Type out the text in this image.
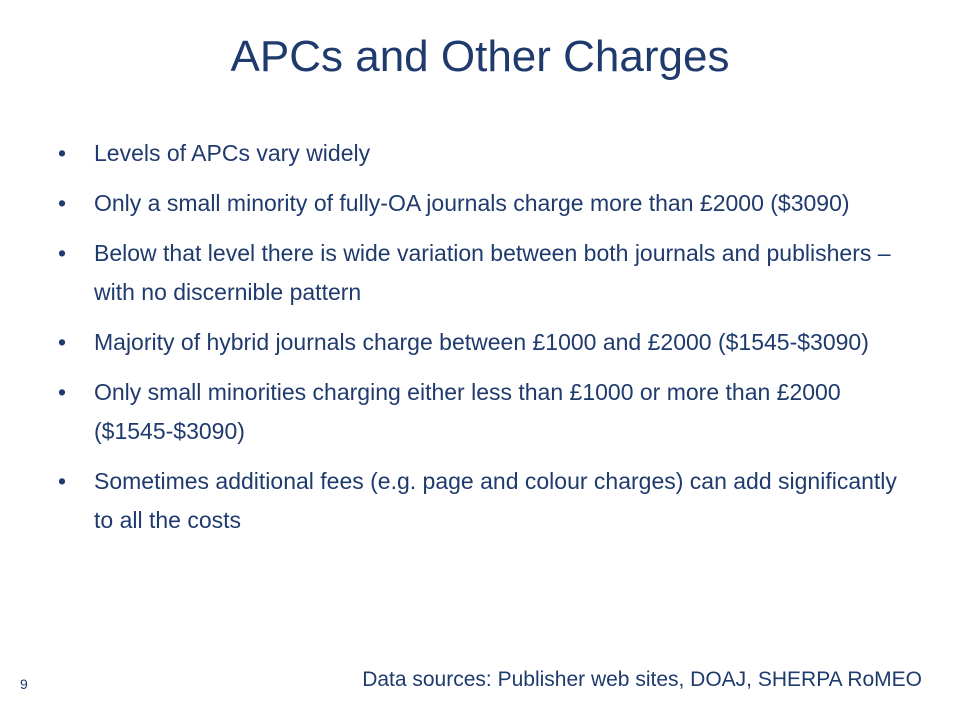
APCs and Other Charges
•	Levels of APCs vary widely
•	Only a small minority of fully-OA journals charge more than £2000 ($3090)
•	Below that level there is wide variation between both journals and publishers – with no discernible pattern
•	Majority of hybrid journals charge between £1000 and £2000 ($1545-$3090)
•	Only small minorities charging either less than £1000 or more than £2000 ($1545-$3090)
•	Sometimes additional fees (e.g. page and colour charges) can add significantly to all the costs
9	Data sources: Publisher web sites, DOAJ, SHERPA RoMEO
